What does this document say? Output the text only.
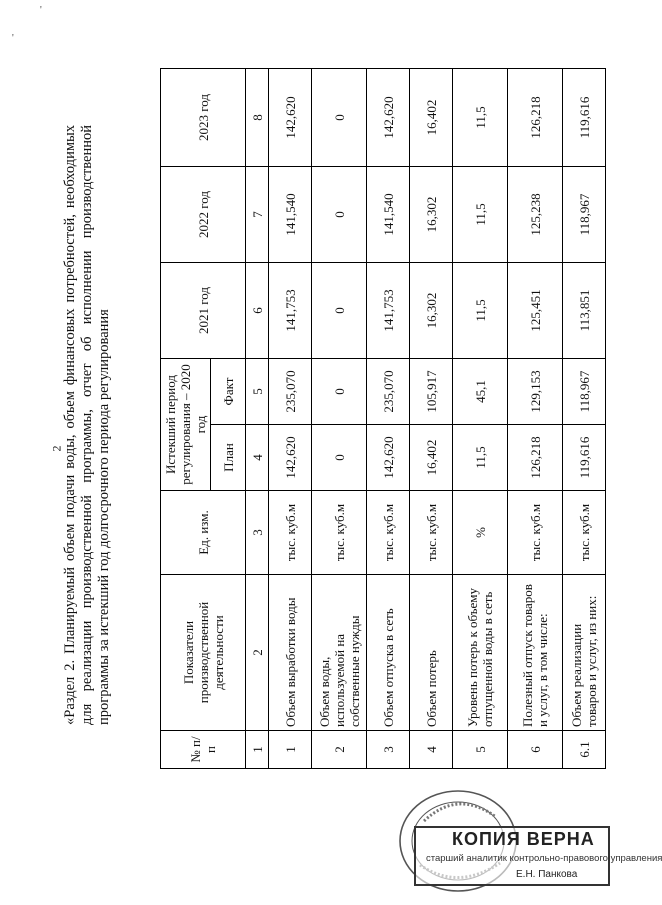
'
'
2
«Раздел 2. Планируемый объем подачи воды, объем финансовых потребностей, необходимых для реализации производственной программы, отчет об исполнении производственной программы за истекший год долгосрочного периода регулирования
№ п/п	Показатели производственной деятельности	Ед. изм.	Истекший период регулирования – 2020 год		2021 год	2022 год	2023 год
			План	Факт			
1	2	3	4	5	6	7	8
1	Объем выработки воды	тыс. куб.м	142,620	235,070	141,753	141,540	142,620
2	Объем воды, используемой на собственные нужды	тыс. куб.м	0	0	0	0	0
3	Объем отпуска в сеть	тыс. куб.м	142,620	235,070	141,753	141,540	142,620
4	Объем потерь	тыс. куб.м	16,402	105,917	16,302	16,302	16,402
5	Уровень потерь к объему отпущенной воды в сеть	%	11,5	45,1	11,5	11,5	11,5
6	Полезный отпуск товаров и услуг, в том числе:	тыс. куб.м	126,218	129,153	125,451	125,238	126,218
6.1	Объем реализации товаров и услуг, из них:	тыс. куб.м	119,616	118,967	113,851	118,967	119,616
КОПИЯ ВЕРНА
старший аналитик контрольно-правового управления
Е.Н. Панкова
